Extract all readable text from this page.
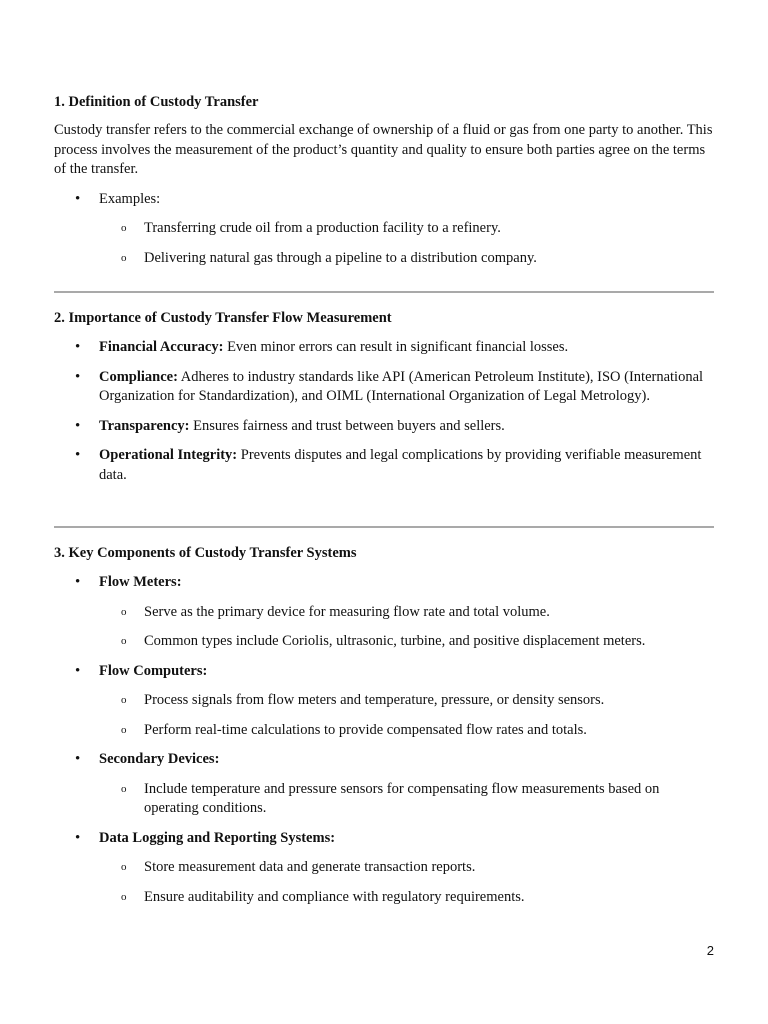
1. Definition of Custody Transfer

Custody transfer refers to the commercial exchange of ownership of a fluid or gas from one party to another. This process involves the measurement of the product’s quantity and quality to ensure both parties agree on the terms of the transfer.

• Examples:
o Transferring crude oil from a production facility to a refinery.
o Delivering natural gas through a pipeline to a distribution company.

2. Importance of Custody Transfer Flow Measurement

• Financial Accuracy: Even minor errors can result in significant financial losses.
• Compliance: Adheres to industry standards like API (American Petroleum Institute), ISO (International Organization for Standardization), and OIML (International Organization of Legal Metrology).
• Transparency: Ensures fairness and trust between buyers and sellers.
• Operational Integrity: Prevents disputes and legal complications by providing verifiable measurement data.

3. Key Components of Custody Transfer Systems

• Flow Meters:
o Serve as the primary device for measuring flow rate and total volume.
o Common types include Coriolis, ultrasonic, turbine, and positive displacement meters.
• Flow Computers:
o Process signals from flow meters and temperature, pressure, or density sensors.
o Perform real-time calculations to provide compensated flow rates and totals.
• Secondary Devices:
o Include temperature and pressure sensors for compensating flow measurements based on operating conditions.
• Data Logging and Reporting Systems:
o Store measurement data and generate transaction reports.
o Ensure auditability and compliance with regulatory requirements.
2
